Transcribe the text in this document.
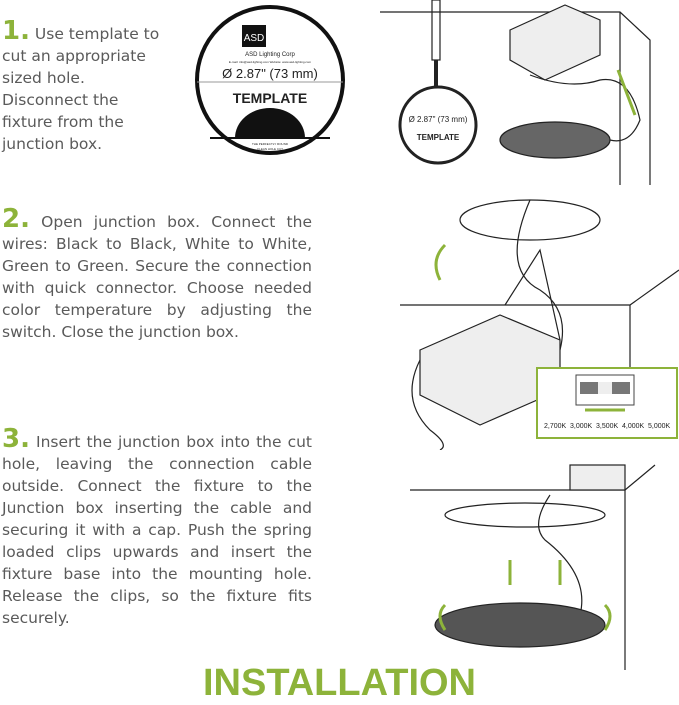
1. Use template to cut an appropriate sized hole. Disconnect the fixture from the junction box.
2. Open junction box. Connect the wires: Black to Black, White to White, Green to Green. Secure the connection with quick connector. Choose needed color temperature by adjusting the switch. Close the junction box.
3. Insert the junction box into the cut hole, leaving the connection cable outside. Connect the fixture to the Junction box inserting the cable and securing it with a cap. Push the spring loaded clips upwards and insert the fixture base into the mounting hole. Release the clips, so the fixture fits securely.
ASD
ASD Lighting Corp
E-mail: info@asd-lighting.com Website: www.asd-lighting.com
Ø 2.87" (73 mm)
TEMPLATE
THE PERFECTLY ROUND
CLEAN HOLE CUT
Ø 2.87" (73 mm)
TEMPLATE
2,700K 3,000K 3,500K 4,000K 5,000K
INSTALLATION
